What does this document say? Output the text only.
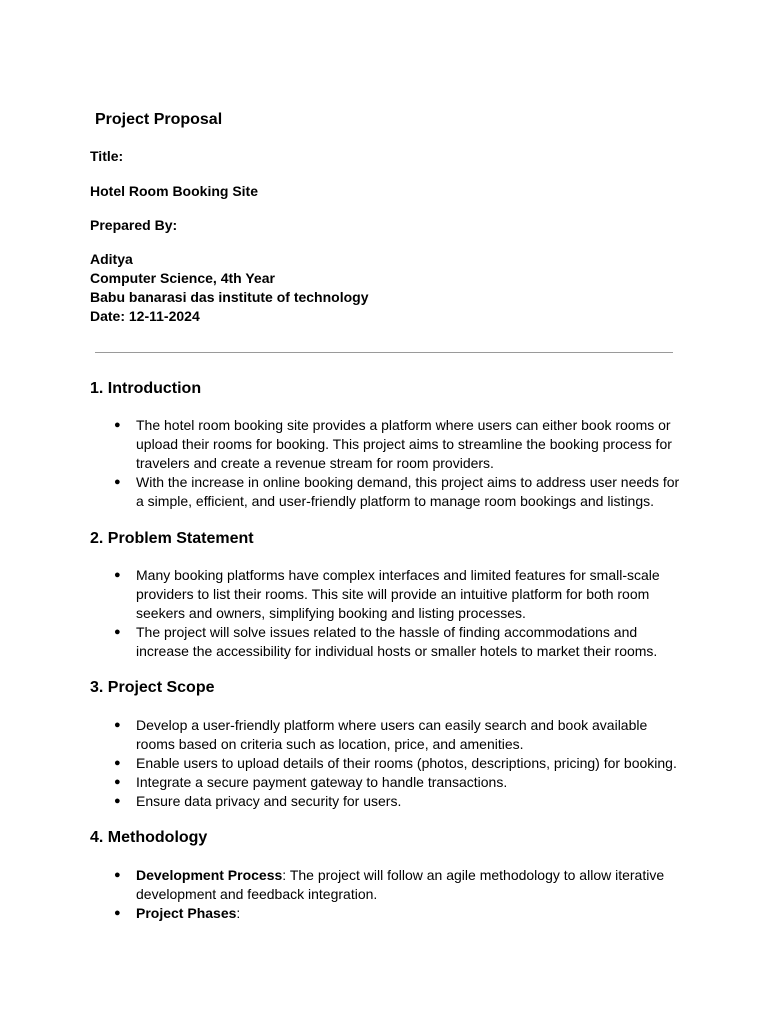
Project Proposal
Title:
Hotel Room Booking Site
Prepared By:
Aditya
Computer Science, 4th Year
Babu banarasi das institute of technology
Date: 12-11-2024
1. Introduction
●	The hotel room booking site provides a platform where users can either book rooms or
upload their rooms for booking. This project aims to streamline the booking process for
travelers and create a revenue stream for room providers.
●	With the increase in online booking demand, this project aims to address user needs for
a simple, efficient, and user-friendly platform to manage room bookings and listings.
2. Problem Statement
●	Many booking platforms have complex interfaces and limited features for small-scale
providers to list their rooms. This site will provide an intuitive platform for both room
seekers and owners, simplifying booking and listing processes.
●	The project will solve issues related to the hassle of finding accommodations and
increase the accessibility for individual hosts or smaller hotels to market their rooms.
3. Project Scope
●	Develop a user-friendly platform where users can easily search and book available
rooms based on criteria such as location, price, and amenities.
●	Enable users to upload details of their rooms (photos, descriptions, pricing) for booking.
●	Integrate a secure payment gateway to handle transactions.
●	Ensure data privacy and security for users.
4. Methodology
●	Development Process: The project will follow an agile methodology to allow iterative
development and feedback integration.
●	Project Phases:
